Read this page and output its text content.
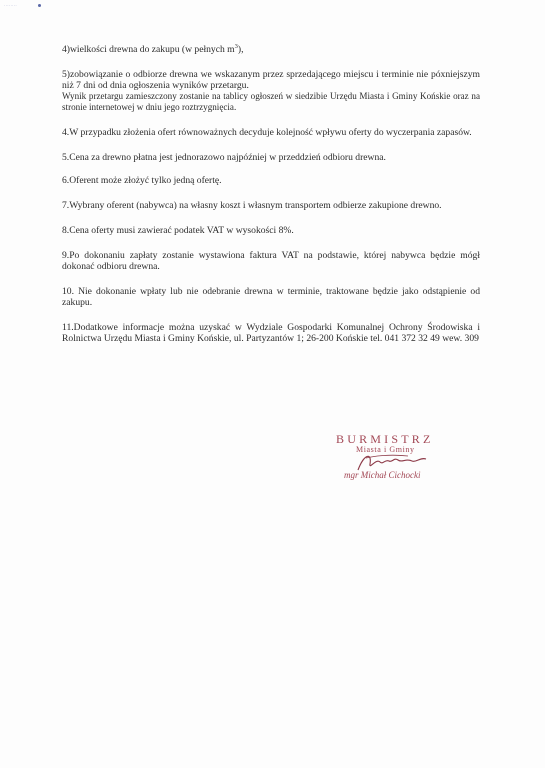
········

4)wielkości drewna do zakupu (w pełnych $m^3$),

5)zobowiązanie o odbiorze drewna we wskazanym przez sprzedającego miejscu i terminie nie póxniejszym niż 7 dni od dnia ogłoszenia wyników przetargu.

Wynik przetargu zamieszczony zostanie na tablicy ogłoszeń w siedzibie Urzędu Miasta i Gminy Końskie oraz na stronie internetowej w dniu jego roztrzygnięcia.

4.W przypadku złożenia ofert równoważnych decyduje kolejność wpływu oferty do wyczerpania zapasów.

5.Cena za drewno płatna jest jednorazowo najpóźniej w przeddzień odbioru drewna.

6.Oferent może złożyć tylko jedną ofertę.

7.Wybrany oferent (nabywca) na własny koszt i własnym transportem odbierze zakupione drewno.

8.Cena oferty musi zawierać podatek VAT w wysokości 8%.

9.Po dokonaniu zapłaty zostanie wystawiona faktura VAT na podstawie, której nabywca będzie mógł dokonać odbioru drewna.

10. Nie dokonanie wpłaty lub nie odebranie drewna w terminie, traktowane będzie jako odstąpienie od zakupu.

11.Dodatkowe informacje można uzyskać w Wydziale Gospodarki Komunalnej Ochrony Środowiska i Rolnictwa Urzędu Miasta i Gminy Końskie, ul. Partyzantów 1; 26-200 Końskie tel. 041 372 32 49 wew. 309

BURMISTRZ

Miasta i Gminy

mgr Michał Cichocki
